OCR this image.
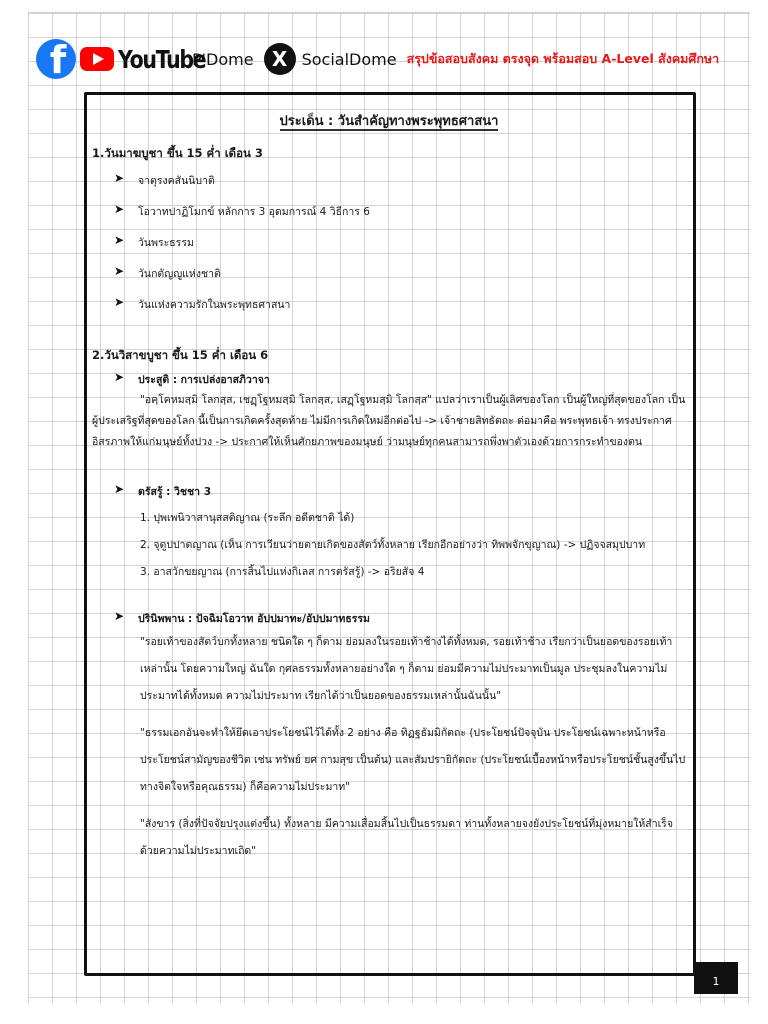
f YouTube
P'Dome X SocialDome สรุปข้อสอบสังคม ตรงจุด พร้อมสอบ A-Level สังคมศึกษา
ประเด็น : วันสำคัญทางพระพุทธศาสนา
1.วันมาฆบูชา ขึ้น 15 ค่ำ เดือน 3
➤ จาตุรงคสันนิบาติ
➤ โอวาทปาฏิโมกข์ หลักการ 3 อุดมการณ์ 4 วิธีการ 6
➤ วันพระธรรม
➤ วันกตัญญูแห่งชาติ
➤ วันแห่งความรักในพระพุทธศาสนา
2.วันวิสาขบูชา ขึ้น 15 ค่ำ เดือน 6
➤ ประสูติ : การเปล่งอาสภิวาจา
"อคฺโคหมสฺมิ โลกสฺส, เชฏฺโฐหมสฺมิ โลกสฺส, เสฏฺโฐหมสฺมิ โลกสฺส" แปลว่าเราเป็นผู้เลิศของโลก เป็นผู้ใหญ่ที่สุดของโลก เป็นผู้ประเสริฐที่สุดของโลก นี้เป็นการเกิดครั้งสุดท้าย ไม่มีการเกิดใหม่อีกต่อไป -> เจ้าชายสิทธัตถะ ต่อมาคือ พระพุทธเจ้า ทรงประกาศอิสรภาพให้แก่มนุษย์ทั้งปวง -> ประกาศให้เห็นศักยภาพของมนุษย์ ว่ามนุษย์ทุกคนสามารถพึ่งพาตัวเองด้วยการกระทำของตน
➤ ตรัสรู้ : วิชชา 3
1. ปุพเพนิวาสานุสสติญาณ (ระลึก อดีตชาติ ได้)
2. จุตูปปาตญาณ (เห็น การเวียนว่ายตายเกิดของสัตว์ทั้งหลาย เรียกอีกอย่างว่า ทิพพจักขุญาณ) -> ปฏิจจสมุปบาท
3. อาสวักขยญาณ (การสิ้นไปแห่งกิเลส การตรัสรู้) -> อริยสัจ 4
➤ ปรินิพพาน : ปัจฉิมโอวาท อัปปมาทะ/อัปปมาทธรรม
"รอยเท้าของสัตว์บกทั้งหลาย ชนิดใด ๆ ก็ตาม ย่อมลงในรอยเท้าช้างได้ทั้งหมด, รอยเท้าช้าง เรียกว่าเป็นยอดของรอยเท้าเหล่านั้น โดยความใหญ่ ฉันใด กุศลธรรมทั้งหลายอย่างใด ๆ ก็ตาม ย่อมมีความไม่ประมาทเป็นมูล ประชุมลงในความไม่ประมาทได้ทั้งหมด ความไม่ประมาท เรียกได้ว่าเป็นยอดของธรรมเหล่านั้นฉันนั้น"
"ธรรมเอกอันจะทำให้ยึดเอาประโยชน์ไว้ได้ทั้ง 2 อย่าง คือ ทิฏฐธัมมิกัตถะ (ประโยชน์ปัจจุบัน ประโยชน์เฉพาะหน้าหรือประโยชน์สามัญของชีวิต เช่น ทรัพย์ ยศ กามสุข เป็นต้น) และสัมปรายิกัตถะ (ประโยชน์เบื้องหน้าหรือประโยชน์ชั้นสูงขึ้นไปทางจิตใจหรือคุณธรรม) ก็คือความไม่ประมาท"
"สังขาร (สิ่งที่ปัจจัยปรุงแต่งขึ้น) ทั้งหลาย มีความเสื่อมสิ้นไปเป็นธรรมดา ท่านทั้งหลายจงยังประโยชน์ที่มุ่งหมายให้สำเร็จ ด้วยความไม่ประมาทเถิด"
1
